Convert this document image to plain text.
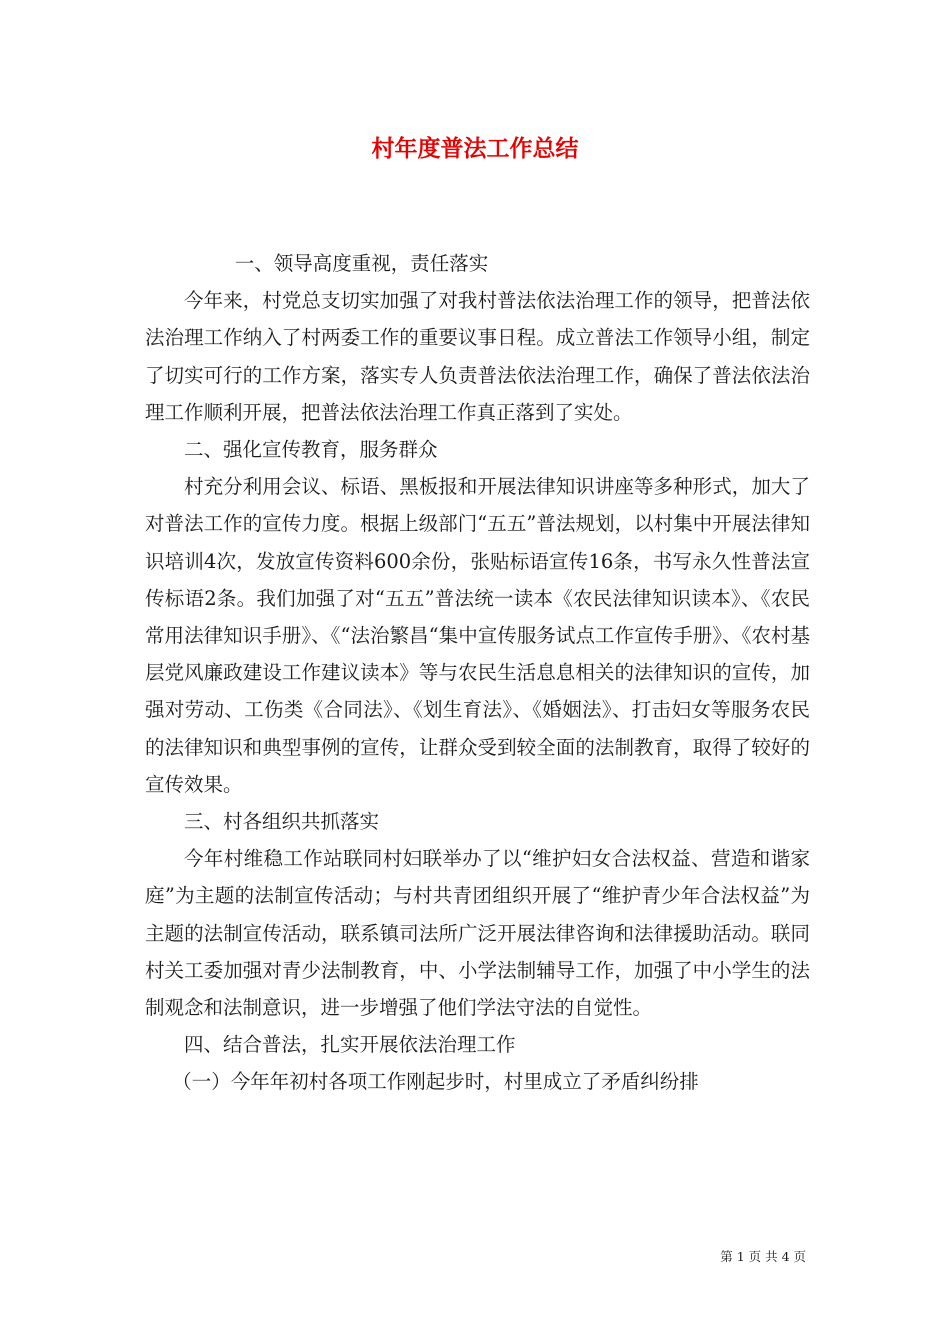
村年度普法工作总结

一、领导高度重视，责任落实

今年来，村党总支切实加强了对我村普法依法治理工作的领导，把普法依法治理工作纳入了村两委工作的重要议事日程。成立普法工作领导小组，制定了切实可行的工作方案，落实专人负责普法依法治理工作，确保了普法依法治理工作顺利开展，把普法依法治理工作真正落到了实处。

二、强化宣传教育，服务群众

村充分利用会议、标语、黑板报和开展法律知识讲座等多种形式，加大了对普法工作的宣传力度。根据上级部门“五五”普法规划，以村集中开展法律知识培训4次，发放宣传资料600余份，张贴标语宣传16条，书写永久性普法宣传标语2条。我们加强了对“五五”普法统一读本《农民法律知识读本》、《农民常用法律知识手册》、《“法治繁昌“集中宣传服务试点工作宣传手册》、《农村基层党风廉政建设工作建议读本》等与农民生活息息相关的法律知识的宣传，加强对劳动、工伤类《合同法》、《划生育法》、《婚姻法》、打击妇女等服务农民的法律知识和典型事例的宣传，让群众受到较全面的法制教育，取得了较好的宣传效果。

三、村各组织共抓落实

今年村维稳工作站联同村妇联举办了以“维护妇女合法权益、营造和谐家庭”为主题的法制宣传活动；与村共青团组织开展了“维护青少年合法权益”为主题的法制宣传活动，联系镇司法所广泛开展法律咨询和法律援助活动。联同村关工委加强对青少法制教育，中、小学法制辅导工作，加强了中小学生的法制观念和法制意识，进一步增强了他们学法守法的自觉性。

四、结合普法，扎实开展依法治理工作

（一）今年年初村各项工作刚起步时，村里成立了矛盾纠纷排

第 1 页 共 4 页
